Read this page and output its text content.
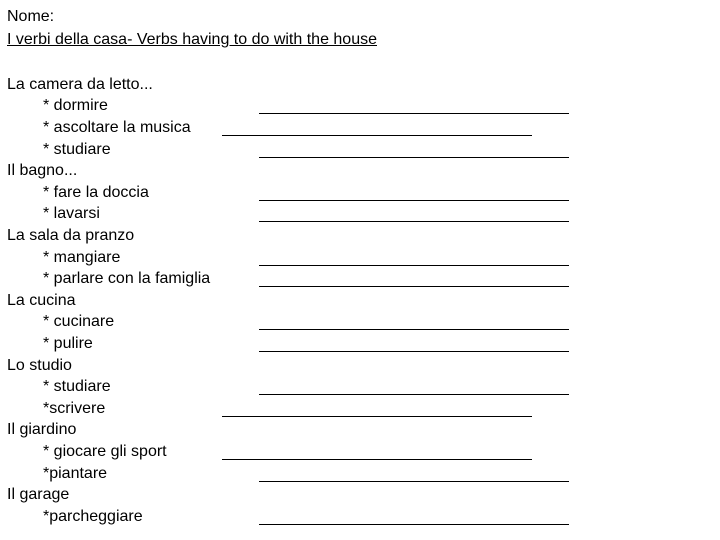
Nome:
I verbi della casa- Verbs having to do with the house
La camera da letto...
* dormire
* ascoltare la musica
* studiare
Il bagno...
* fare la doccia
* lavarsi
La sala da pranzo
* mangiare
* parlare con la famiglia
La cucina
* cucinare
* pulire
Lo studio
* studiare
*scrivere
Il giardino
* giocare gli sport
*piantare
Il garage
*parcheggiare
